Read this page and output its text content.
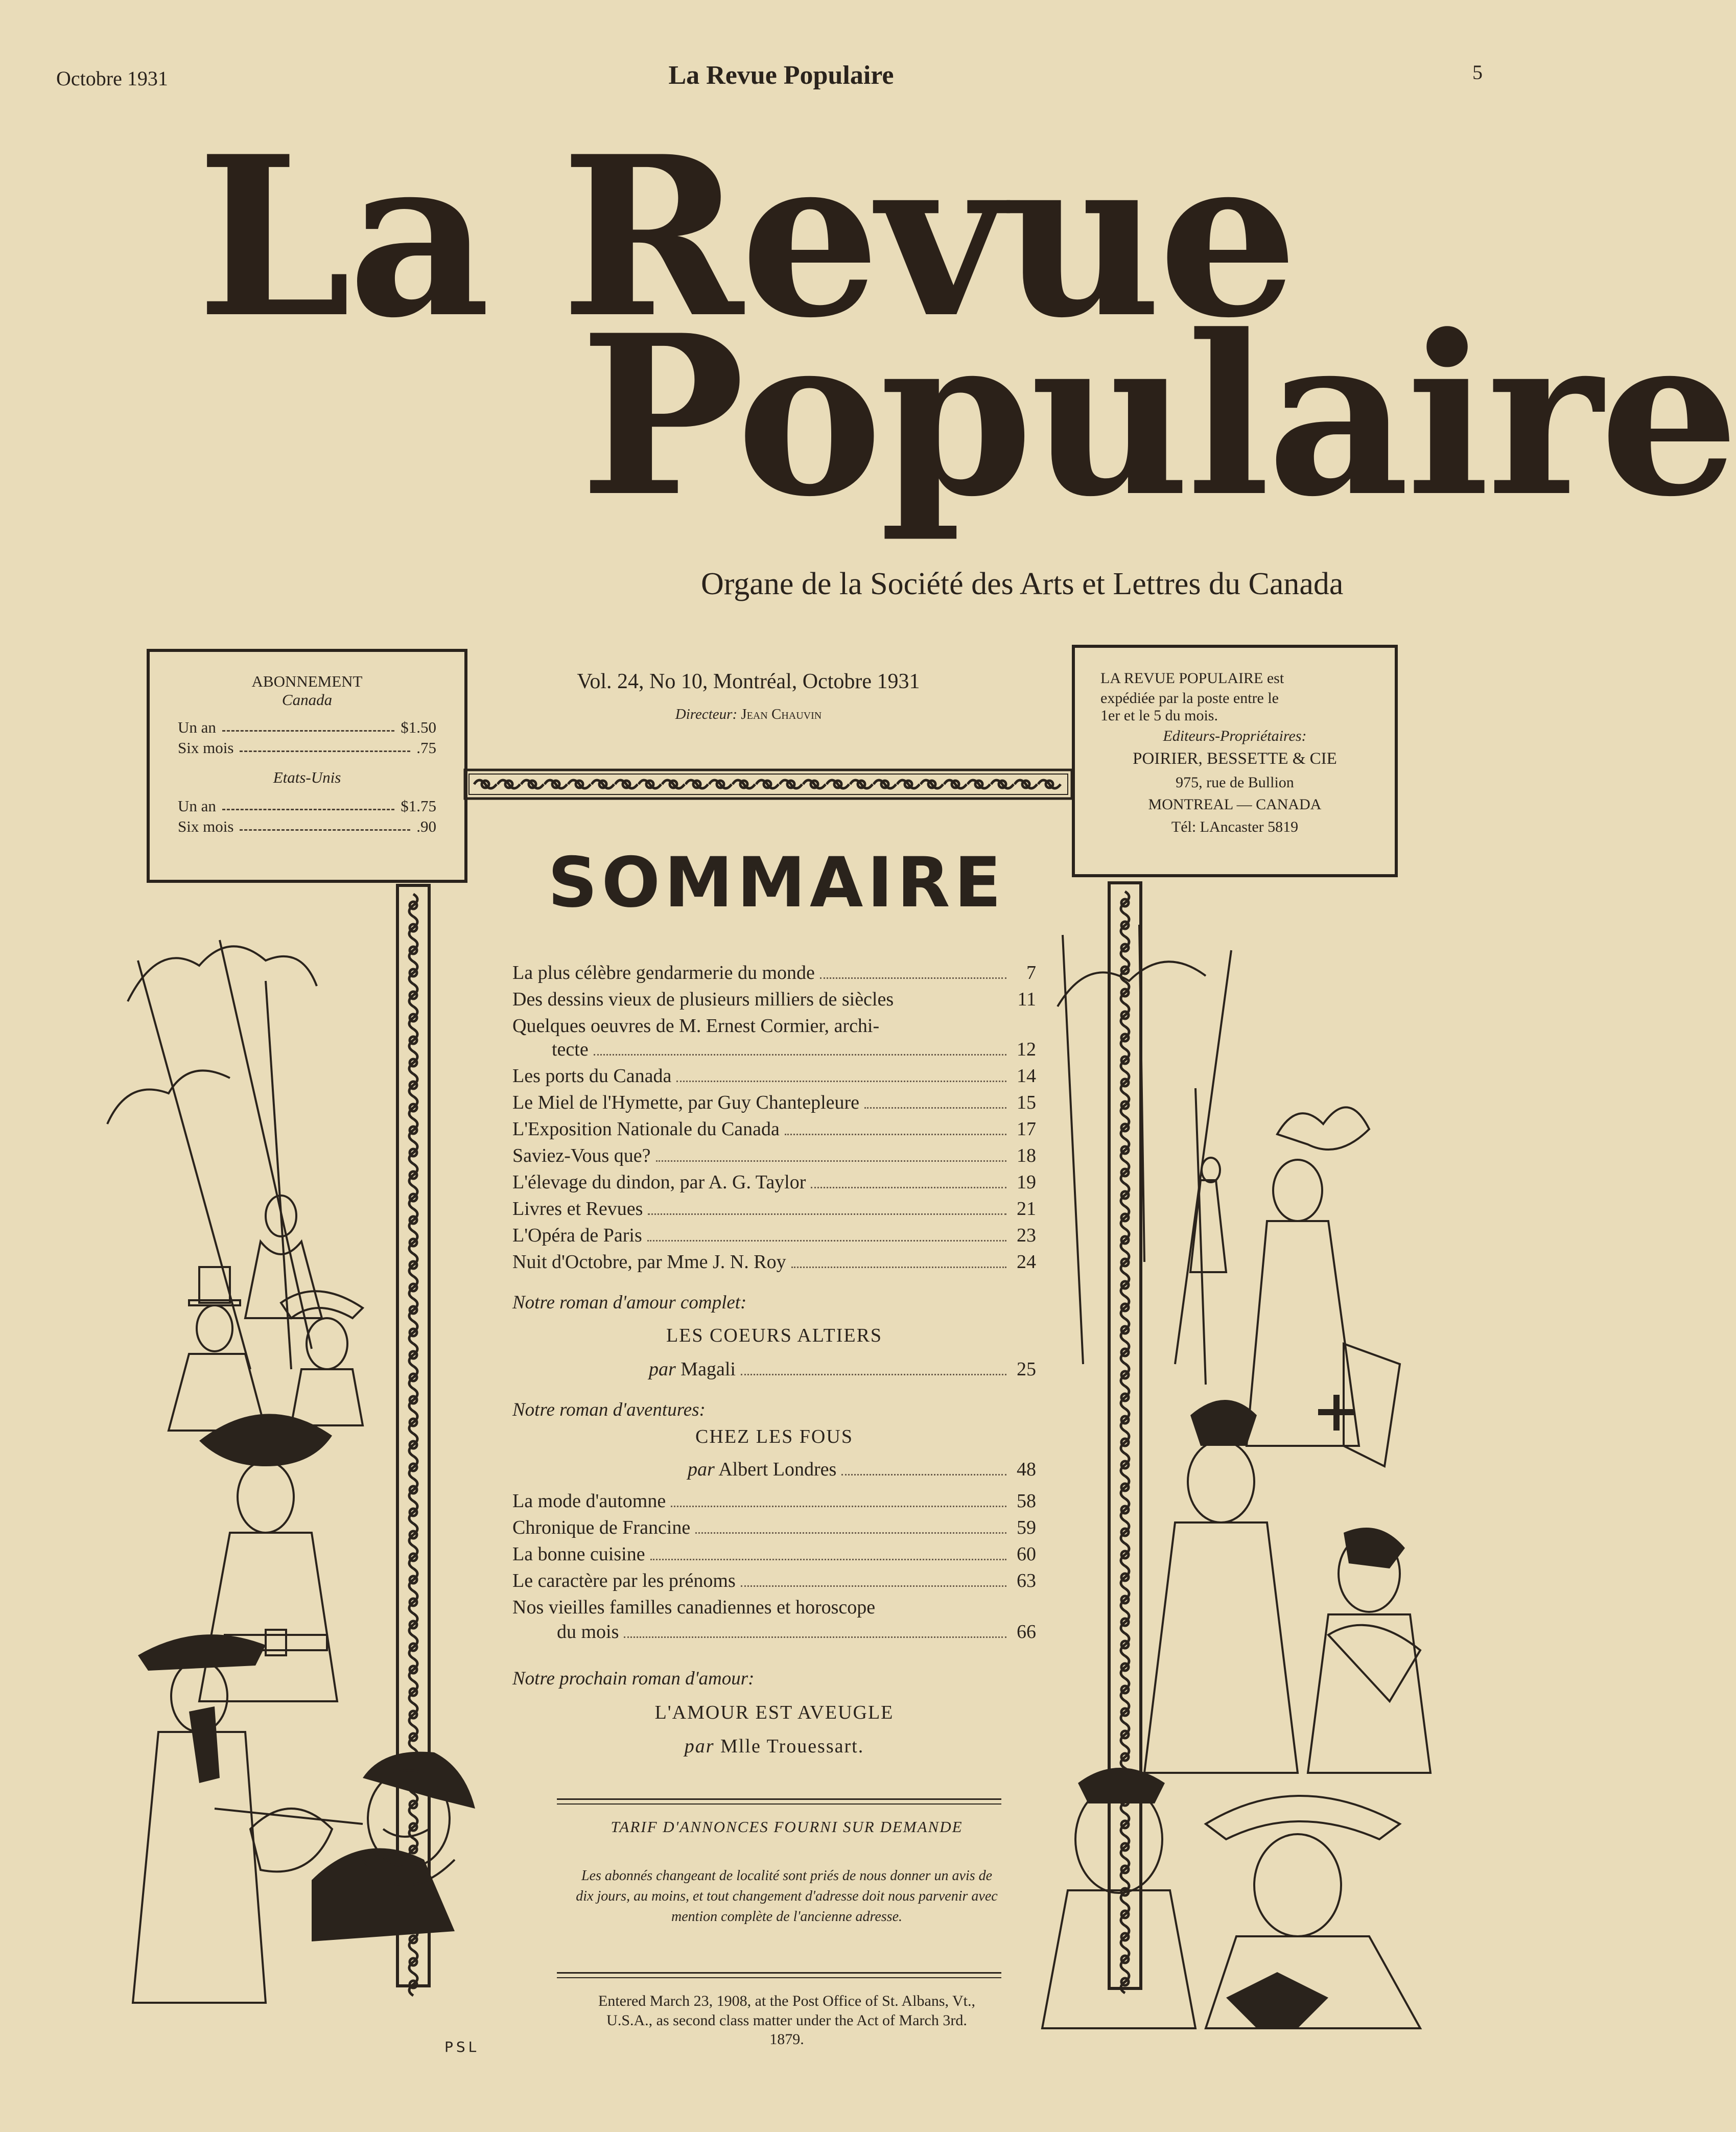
Octobre 1931	La Revue Populaire	5
La Revue
Populaire
Organe de la Société des Arts et Lettres du Canada
ABONNEMENT
Canada
Un an	$1.50
Six mois	.75
Etats-Unis
Un an	$1.75
Six mois	.90
Vol. 24, No 10, Montréal, Octobre 1931
Directeur: Jean Chauvin
LA REVUE POPULAIRE est
expédiée par la poste entre le
1er et le 5 du mois.
Editeurs-Propriétaires:
POIRIER, BESSETTE & CIE
975, rue de Bullion
MONTREAL — CANADA
Tél: LAncaster 5819
PSL
SOMMAIRE
La plus célèbre gendarmerie du monde	7
Des dessins vieux de plusieurs milliers de siècles	11
Quelques oeuvres de M. Ernest Cormier, archi-
tecte	12
Les ports du Canada	14
Le Miel de l'Hymette, par Guy Chantepleure	15
L'Exposition Nationale du Canada	17
Saviez-Vous que?	18
L'élevage du dindon, par A. G. Taylor	19
Livres et Revues	21
L'Opéra de Paris	23
Nuit d'Octobre, par Mme J. N. Roy	24
Notre roman d'amour complet:
LES COEURS ALTIERS
par Magali	25
Notre roman d'aventures:
CHEZ LES FOUS
par Albert Londres	48
La mode d'automne	58
Chronique de Francine	59
La bonne cuisine	60
Le caractère par les prénoms	63
Nos vieilles familles canadiennes et horoscope
du mois	66
Notre prochain roman d'amour:
L'AMOUR EST AVEUGLE
par Mlle Trouessart.
TARIF D'ANNONCES FOURNI SUR DEMANDE
Les abonnés changeant de localité sont priés de nous donner un avis de dix jours, au moins, et tout changement d'adresse doit nous parvenir avec mention complète de l'ancienne adresse.
Entered March 23, 1908, at the Post Office of St. Albans, Vt., U.S.A., as second class matter under the Act of March 3rd. 1879.
